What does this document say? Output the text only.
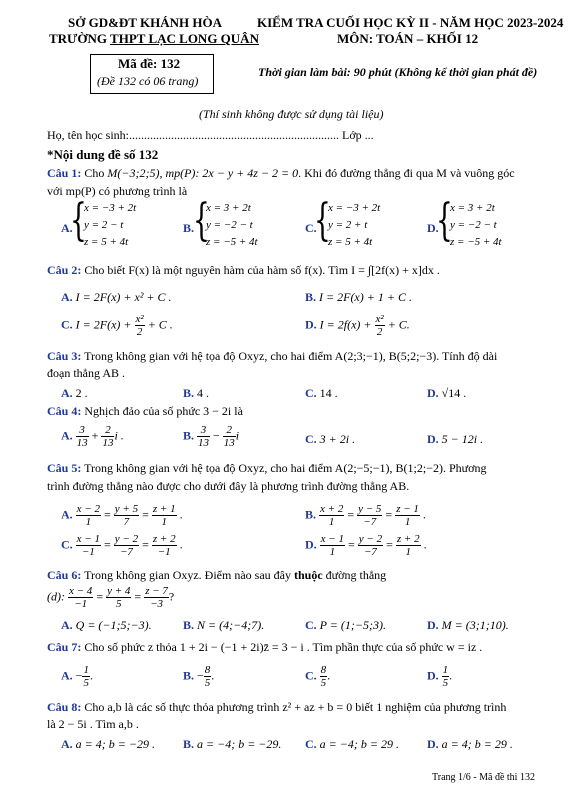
SỞ GD&ĐT KHÁNH HÒA
TRƯỜNG THPT LẠC LONG QUÂN
KIỂM TRA CUỐI HỌC KỲ II - NĂM HỌC 2023-2024
MÔN: TOÁN – KHỐI 12
Mã đề: 132
(Đề 132 có 06 trang)
Thời gian làm bài: 90 phút (Không kể thời gian phát đề)
(Thí sinh không được sử dụng tài liệu)
Họ, tên học sinh:...................................................................... Lớp ...
*Nội dung đề số 132
Câu 1: Cho M(−3;2;5), mp(P): 2x − y + 4z − 2 = 0. Khi đó đường thẳng đi qua M và vuông góc
với mp(P) có phương trình là
A.
{
x = −3 + 2t
y = 2 − t
z = 5 + 4t
B.
{
x = 3 + 2t
y = −2 − t
z = −5 + 4t
C.
{
x = −3 + 2t
y = 2 + t
z = 5 + 4t
D.
{
x = 3 + 2t
y = −2 − t
z = −5 + 4t
Câu 2: Cho biết F(x) là một nguyên hàm của hàm số f(x). Tìm I = ∫[2f(x) + x]dx .
A. I = 2F(x) + x² + C .	B. I = 2F(x) + 1 + C .
C. $I = 2F(x) + \frac{\text{x²}}{2} + C$ .	D. $I = 2f(x) + \frac{\text{x²}}{2} + C$.
Câu 3: Trong không gian với hệ tọa độ Oxyz, cho hai điểm A(2;3;−1), B(5;2;−3). Tính độ dài
đoạn thẳng AB .
A. 2 .	B. 4 .	C. 14 .	D. √14 .
Câu 4: Nghịch đảo của số phức 3 − 2i là
A. $\frac{3}{13} + \frac{2}{13}$ i .	B. $\frac{3}{13} - \frac{2}{13}$ i	C. 3 + 2i .	D. 5 − 12i .
Câu 5: Trong không gian với hệ tọa độ Oxyz, cho hai điểm A(2;−5;−1), B(1;2;−2). Phương
trình đường thẳng nào được cho dưới đây là phương trình đường thẳng AB.
A. $\frac{x - 2}{1} = \frac{y + 5}{7} = \frac{z + 1}{1}$ .	B. $\frac{x + 2}{1} = \frac{y - 5}{-7} = \frac{z - 1}{1}$ .
C. $\frac{x - 1}{-1} = \frac{y - 2}{-7} = \frac{z + 2}{-1}$ .	D. $\frac{x - 1}{1} = \frac{y - 2}{-7} = \frac{z + 2}{1}$ .
Câu 6: Trong không gian Oxyz. Điểm nào sau đây thuộc đường thẳng
(d): $\frac{x - 4}{-1} = \frac{y + 4}{5} = \frac{z - 7}{-3}$ ?
A. Q = (−1;5;−3).	B. N = (4;−4;7).	C. P = (1;−5;3).	D. M = (3;1;10).
Câu 7: Cho số phức z thỏa 1 + 2i − (−1 + 2i)z̄ = 3 − i . Tìm phần thực của số phức w = iz .
A. − $\frac{1}{5}$ .	B. − $\frac{8}{5}$ .	C. $\frac{8}{5}$ .	D. $\frac{1}{5}$ .
Câu 8: Cho a,b là các số thực thỏa phương trình z² + az + b = 0 biết 1 nghiệm của phương trình
là 2 − 5i . Tìm a,b .
A. a = 4; b = −29 . B. a = −4; b = −29. C. a = −4; b = 29 . D. a = 4; b = 29 .
Trang 1/6 - Mã đề thi 132
